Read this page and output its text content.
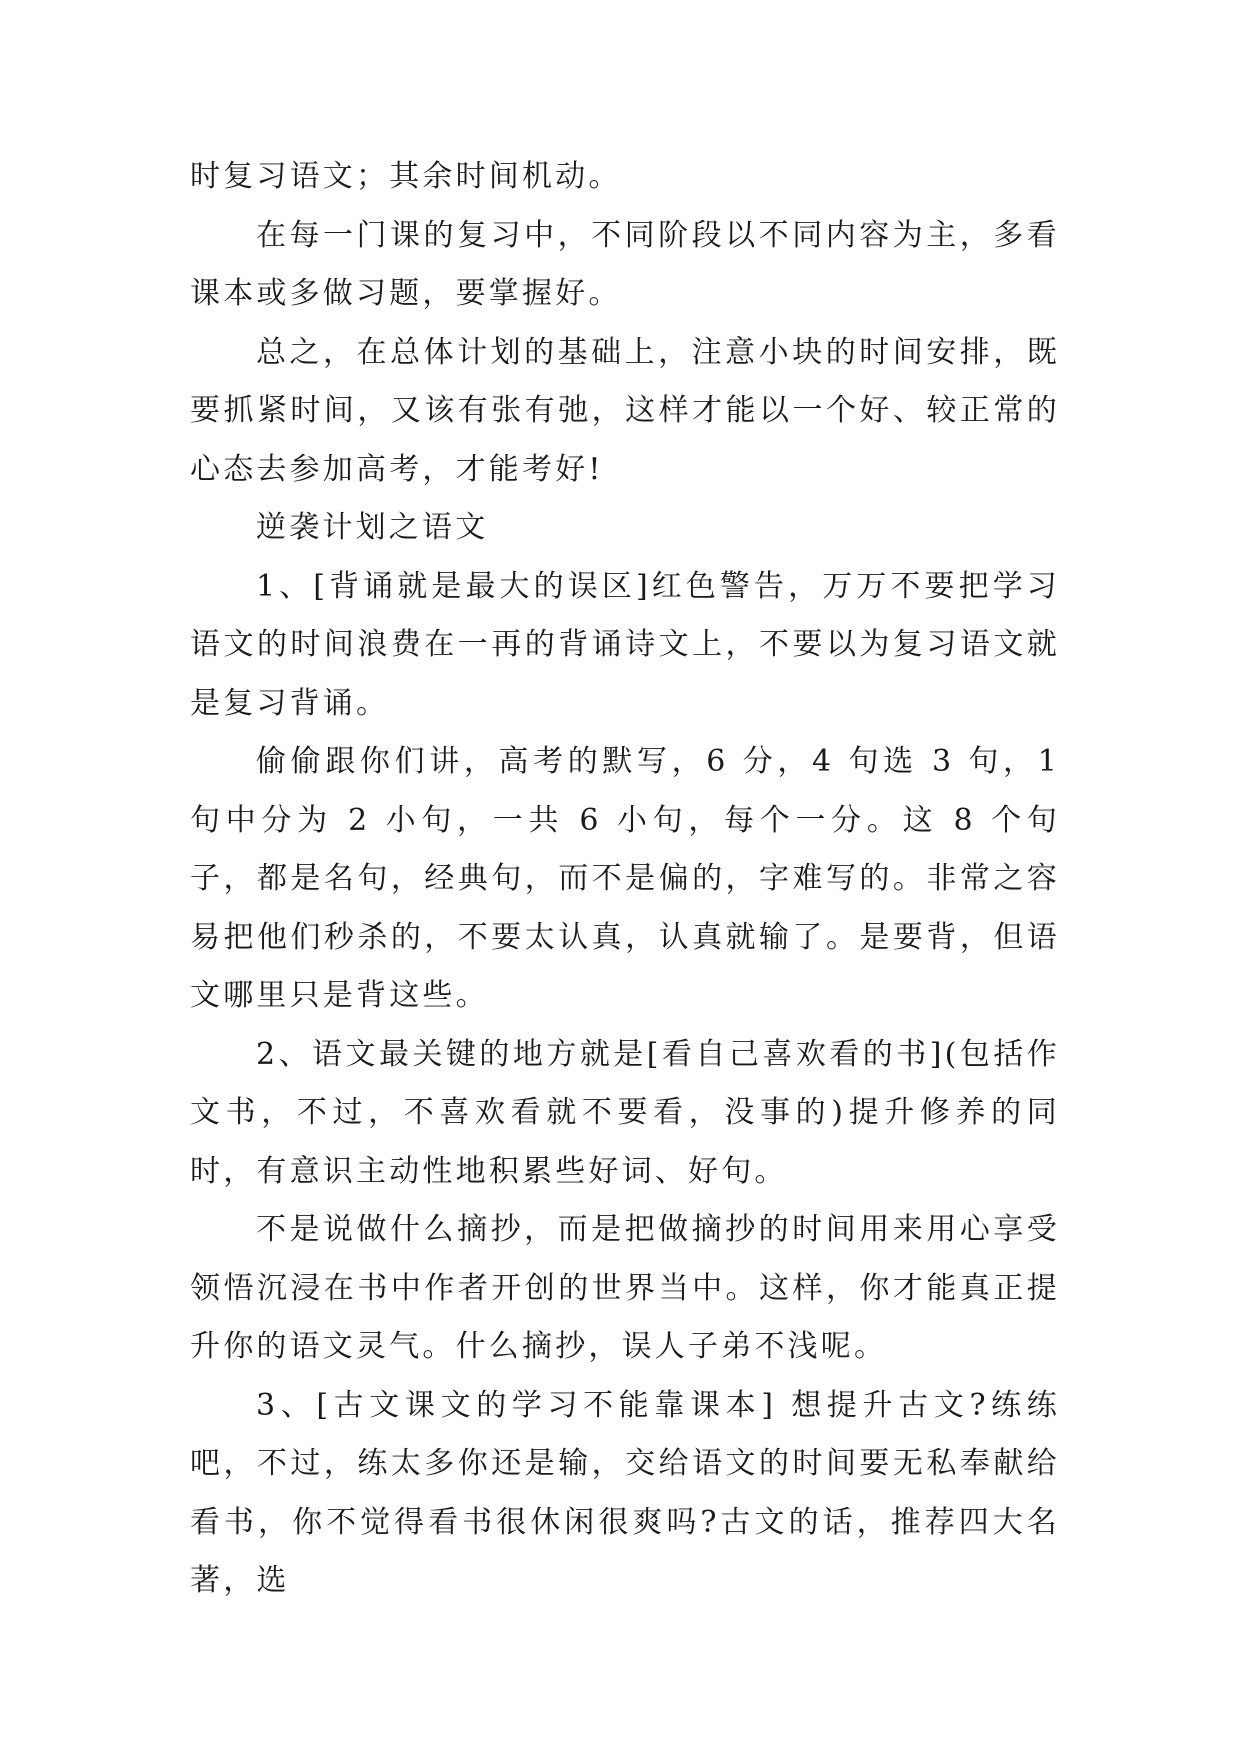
时复习语文；其余时间机动。

在每一门课的复习中，不同阶段以不同内容为主，多看课本或多做习题，要掌握好。

总之，在总体计划的基础上，注意小块的时间安排，既要抓紧时间，又该有张有弛，这样才能以一个好、较正常的心态去参加高考，才能考好!

逆袭计划之语文

1、[背诵就是最大的误区]红色警告，万万不要把学习语文的时间浪费在一再的背诵诗文上，不要以为复习语文就是复习背诵。

偷偷跟你们讲，高考的默写，6 分，4 句选 3 句，1 句中分为 2 小句，一共 6 小句，每个一分。这 8 个句子，都是名句，经典句，而不是偏的，字难写的。非常之容易把他们秒杀的，不要太认真，认真就输了。是要背，但语文哪里只是背这些。

2、语文最关键的地方就是[看自己喜欢看的书](包括作文书，不过，不喜欢看就不要看，没事的)提升修养的同时，有意识主动性地积累些好词、好句。

不是说做什么摘抄，而是把做摘抄的时间用来用心享受领悟沉浸在书中作者开创的世界当中。这样，你才能真正提升你的语文灵气。什么摘抄，误人子弟不浅呢。

3、[古文课文的学习不能靠课本] 想提升古文?练练吧，不过，练太多你还是输，交给语文的时间要无私奉献给看书，你不觉得看书很休闲很爽吗?古文的话，推荐四大名著，选
